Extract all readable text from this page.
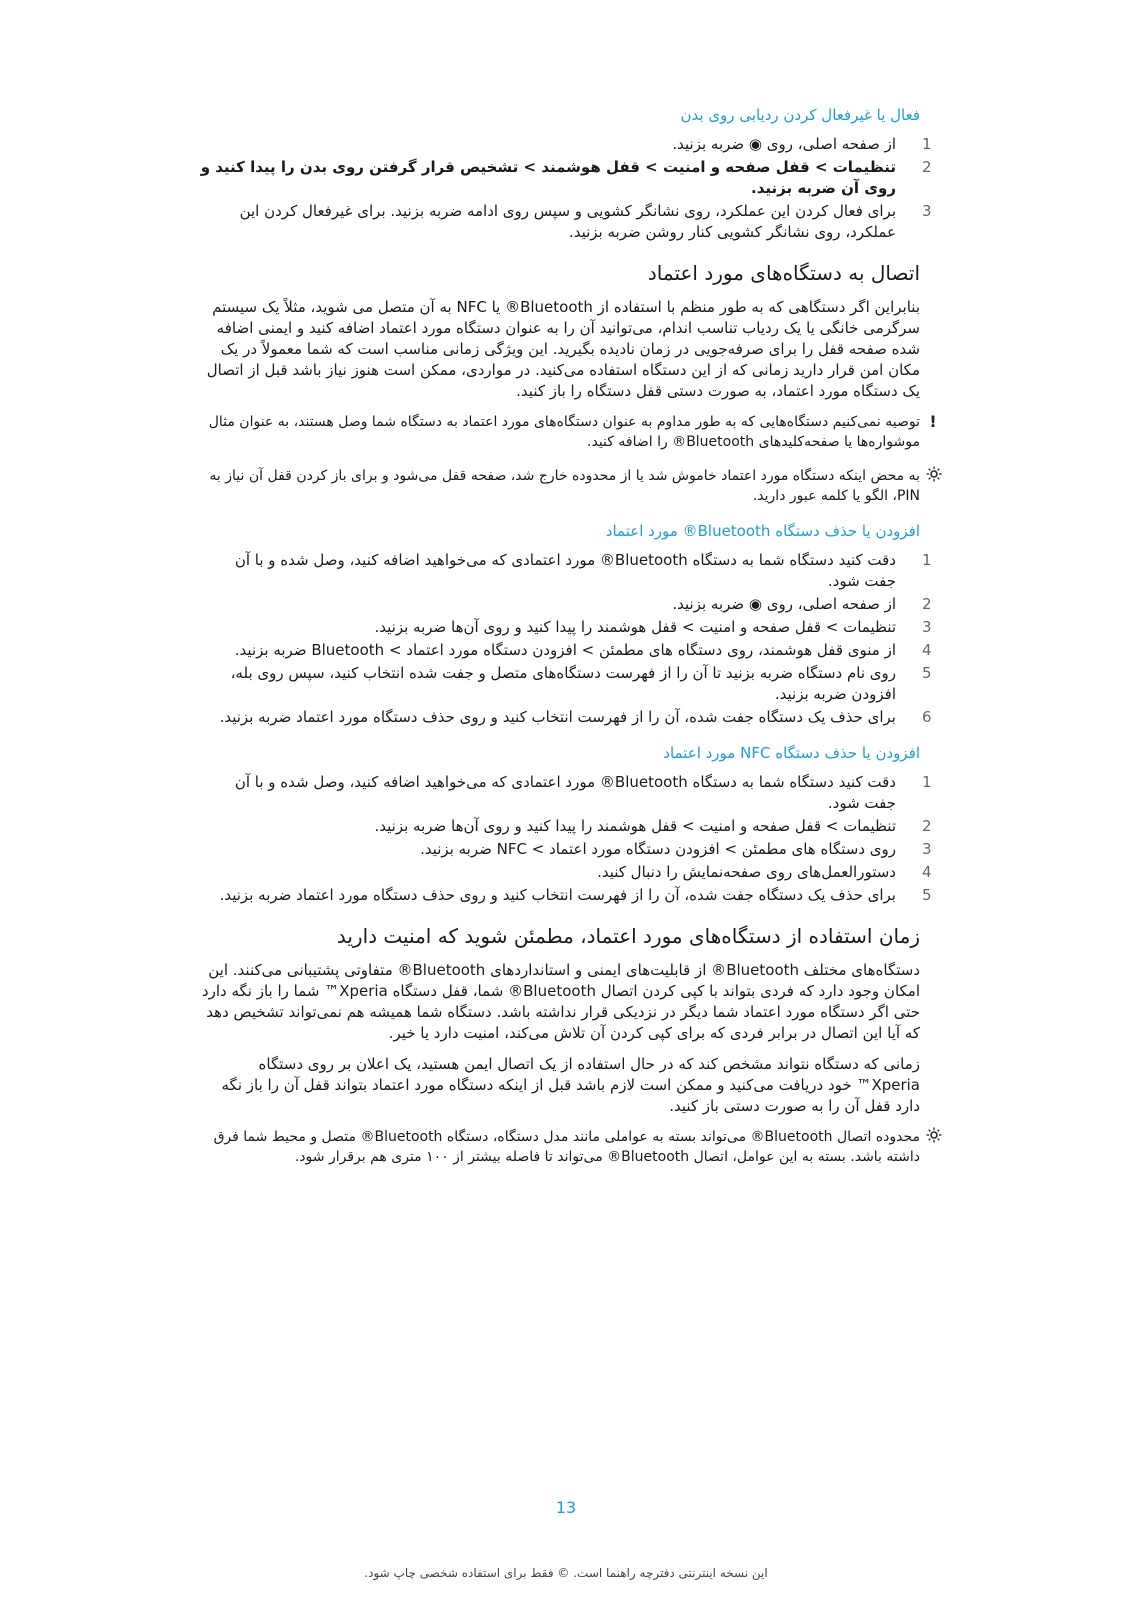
فعال یا غیرفعال کردن ردیابی روی بدن
1
از صفحه اصلی، روی ◉ ضربه بزنید.
2
تنظیمات > قفل صفحه و امنیت > قفل هوشمند > تشخیص قرار گرفتن روی بدن را پیدا کنید و روی آن ضربه بزنید.
3
برای فعال کردن این عملکرد، روی نشانگر کشویی و سپس روی ادامه ضربه بزنید. برای غیرفعال کردن این عملکرد، روی نشانگر کشویی کنار روشن ضربه بزنید.
اتصال به دستگاه‌های مورد اعتماد

بنابراین اگر دستگاهی که به طور منظم با استفاده از Bluetooth® یا NFC به آن متصل می شوید، مثلاً یک سیستم سرگرمی خانگی یا یک ردیاب تناسب اندام، می‌توانید آن را به عنوان دستگاه مورد اعتماد اضافه کنید و ایمنی اضافه شده صفحه قفل را برای صرفه‌جویی در زمان نادیده بگیرید. این ویژگی زمانی مناسب است که شما معمولاً در یک مکان امن قرار دارید زمانی که از این دستگاه استفاده می‌کنید. در مواردی، ممکن است هنوز نیاز باشد قبل از اتصال یک دستگاه مورد اعتماد، به صورت دستی قفل دستگاه را باز کنید.

!
توصیه نمی‌کنیم دستگاه‌هایی که به طور مداوم به عنوان دستگاه‌های مورد اعتماد به دستگاه شما وصل هستند، به عنوان مثال موشواره‌ها یا صفحه‌کلیدهای Bluetooth® را اضافه کنید.
به محض اینکه دستگاه مورد اعتماد خاموش شد یا از محدوده خارج شد، صفحه قفل می‌شود و برای باز کردن قفل آن نیاز به PIN، الگو یا کلمه عبور دارید.
افزودن یا حذف دستگاه Bluetooth® مورد اعتماد
1
دقت کنید دستگاه شما به دستگاه Bluetooth® مورد اعتمادی که می‌خواهید اضافه کنید، وصل شده و با آن جفت شود.
2
از صفحه اصلی، روی ◉ ضربه بزنید.
3
تنظیمات > قفل صفحه و امنیت > قفل هوشمند را پیدا کنید و روی آن‌ها ضربه بزنید.
4
از منوی قفل هوشمند، روی دستگاه های مطمئن > افزودن دستگاه مورد اعتماد > Bluetooth ضربه بزنید.
5
روی نام دستگاه ضربه بزنید تا آن را از فهرست دستگاه‌های متصل و جفت شده انتخاب کنید، سپس روی بله، افزودن ضربه بزنید.
6
برای حذف یک دستگاه جفت شده، آن را از فهرست انتخاب کنید و روی حذف دستگاه مورد اعتماد ضربه بزنید.
افزودن یا حذف دستگاه NFC مورد اعتماد
1
دقت کنید دستگاه شما به دستگاه Bluetooth® مورد اعتمادی که می‌خواهید اضافه کنید، وصل شده و با آن جفت شود.
2
تنظیمات > قفل صفحه و امنیت > قفل هوشمند را پیدا کنید و روی آن‌ها ضربه بزنید.
3
روی دستگاه های مطمئن > افزودن دستگاه مورد اعتماد > NFC ضربه بزنید.
4
دستورالعمل‌های روی صفحه‌نمایش را دنبال کنید.
5
برای حذف یک دستگاه جفت شده، آن را از فهرست انتخاب کنید و روی حذف دستگاه مورد اعتماد ضربه بزنید.
زمان استفاده از دستگاه‌های مورد اعتماد، مطمئن شوید که امنیت دارید

دستگاه‌های مختلف Bluetooth® از قابلیت‌های ایمنی و استانداردهای Bluetooth® متفاوتی پشتیبانی می‌کنند. این امکان وجود دارد که فردی بتواند با کپی کردن اتصال Bluetooth® شما، قفل دستگاه Xperia™ شما را باز نگه دارد حتی اگر دستگاه مورد اعتماد شما دیگر در نزدیکی قرار نداشته باشد. دستگاه شما همیشه هم نمی‌تواند تشخیص دهد که آیا این اتصال در برابر فردی که برای کپی کردن آن تلاش می‌کند، امنیت دارد یا خیر.

زمانی که دستگاه نتواند مشخص کند که در حال استفاده از یک اتصال ایمن هستید، یک اعلان بر روی دستگاه Xperia™ خود دریافت می‌کنید و ممکن است لازم باشد قبل از اینکه دستگاه مورد اعتماد بتواند قفل آن را باز نگه دارد قفل آن را به صورت دستی باز کنید.

محدوده اتصال Bluetooth® می‌تواند بسته به عواملی مانند مدل دستگاه، دستگاه Bluetooth® متصل و محیط شما فرق داشته باشد. بسته به این عوامل، اتصال Bluetooth® می‌تواند تا فاصله بیشتر از ۱۰۰ متری هم برقرار شود.
13
این نسخه اینترنتی دفترچه راهنما است. © فقط برای استفاده شخصی چاپ شود.
